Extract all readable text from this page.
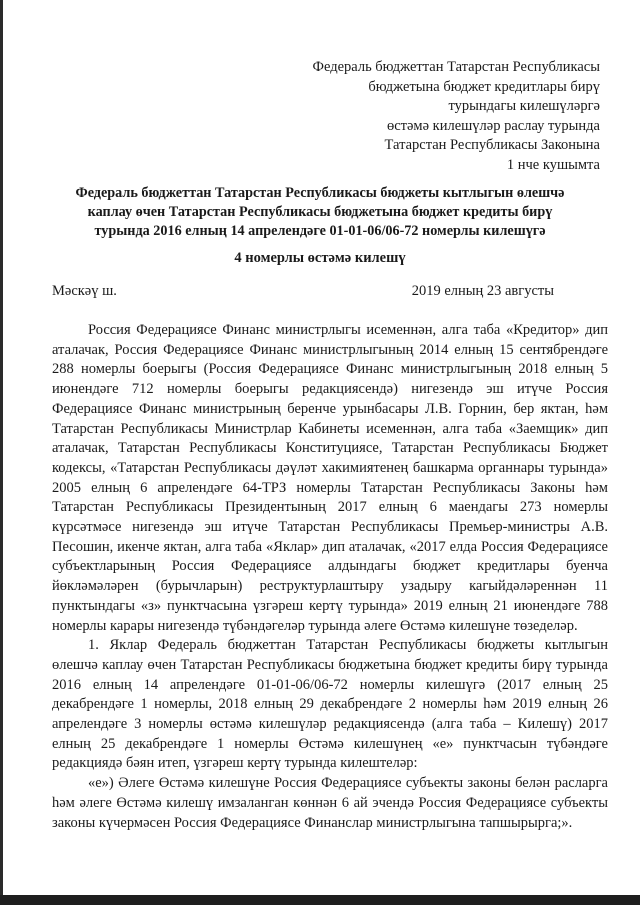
Федераль бюджеттан Татарстан Республикасы
бюджетына бюджет кредитлары бирү
турындагы килешүләргә
өстәмә килешүләр раслау турында
Татарстан Республикасы Законына
1 нче кушымта
Федераль бюджеттан Татарстан Республикасы бюджеты кытлыгын өлешчә
каплау өчен Татарстан Республикасы бюджетына бюджет кредиты бирү
турында 2016 елның 14 апрелендәге 01-01-06/06-72 номерлы килешүгә
4 номерлы өстәмә килешү
Мәскәү ш.	2019 елның 23 августы

Россия Федерациясе Финанс министрлыгы исеменнән, алга таба «Кредитор» дип аталачак, Россия Федерациясе Финанс министрлыгының 2014 елның 15 сентябрендәге 288 номерлы боерыгы (Россия Федерациясе Финанс министрлыгының 2018 елның 5 июнендәге 712 номерлы боерыгы редакциясендә) нигезендә эш итүче Россия Федерациясе Финанс министрының беренче урынбасары Л.В. Горнин, бер яктан, һәм Татарстан Республикасы Министрлар Кабинеты исеменнән, алга таба «Заемщик» дип аталачак, Татарстан Республикасы Конституциясе, Татарстан Республикасы Бюджет кодексы, «Татарстан Республикасы дәүләт хакимиятенең башкарма органнары турында» 2005 елның 6 апрелендәге 64-ТРЗ номерлы Татарстан Республикасы Законы һәм Татарстан Республикасы Президентының 2017 елның 6 маендагы 273 номерлы күрсәтмәсе нигезендә эш итүче Татарстан Республикасы Премьер-министры А.В. Песошин, икенче яктан, алга таба «Яклар» дип аталачак, «2017 елда Россия Федерациясе субъектларының Россия Федерациясе алдындагы бюджет кредитлары буенча йөкләмәләрен (бурычларын) реструктурлаштыру узадыру кагыйдәләреннән 11 пунктындагы «з» пунктчасына үзгәреш кертү турында» 2019 елның 21 июнендәге 788 номерлы карары нигезендә түбәндәгеләр турында әлеге Өстәмә килешүне төзеделәр.

1. Яклар Федераль бюджеттан Татарстан Республикасы бюджеты кытлыгын өлешчә каплау өчен Татарстан Республикасы бюджетына бюджет кредиты бирү турында 2016 елның 14 апрелендәге 01-01-06/06-72 номерлы килешүгә (2017 елның 25 декабрендәге 1 номерлы, 2018 елның 29 декабрендәге 2 номерлы һәм 2019 елның 26 апрелендәге 3 номерлы өстәмә килешүләр редакциясендә (алга таба – Килешү) 2017 елның 25 декабрендәге 1 номерлы Өстәмә килешүнең «е» пунктчасын түбәндәге редакциядә бәян итеп, үзгәреш кертү турында килештеләр:

«е») Әлеге Өстәмә килешүне Россия Федерациясе субъекты законы белән расларга һәм әлеге Өстәмә килешү имзаланган көннән 6 ай эчендә Россия Федерациясе субъекты законы күчермәсен Россия Федерациясе Финанслар министрлыгына тапшырырга;».
